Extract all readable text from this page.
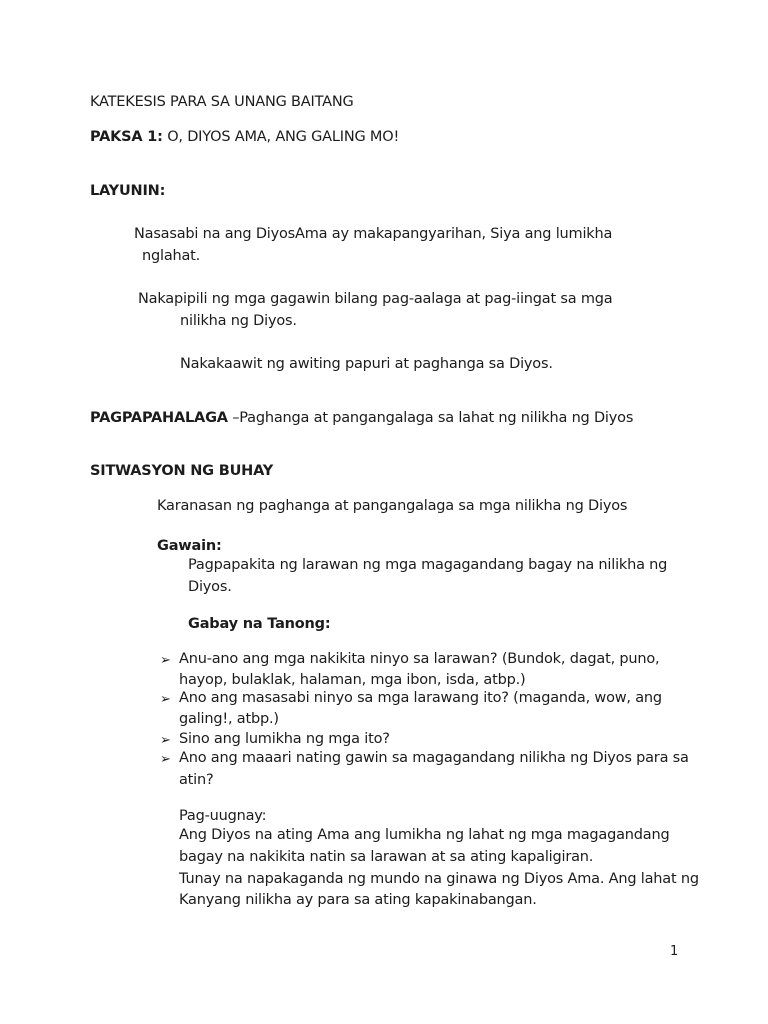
KATEKESIS PARA SA UNANG BAITANG
PAKSA 1: O, DIYOS AMA, ANG GALING MO!
LAYUNIN:
Nasasabi na ang DiyosAma ay makapangyarihan, Siya ang lumikha
nglahat.
Nakapipili ng mga gagawin bilang pag-aalaga at pag-iingat sa mga
nilikha ng Diyos.
Nakakaawit ng awiting papuri at paghanga sa Diyos.
PAGPAPAHALAGA –Paghanga at pangangalaga sa lahat ng nilikha ng Diyos
SITWASYON NG BUHAY
Karanasan ng paghanga at pangangalaga sa mga nilikha ng Diyos
Gawain:
Pagpapakita ng larawan ng mga magagandang bagay na nilikha ng
Diyos.
Gabay na Tanong:
➢ Anu-ano ang mga nakikita ninyo sa larawan? (Bundok, dagat, puno,
hayop, bulaklak, halaman, mga ibon, isda, atbp.)
➢ Ano ang masasabi ninyo sa mga larawang ito? (maganda, wow, ang
galing!, atbp.)
➢ Sino ang lumikha ng mga ito?
➢ Ano ang maaari nating gawin sa magagandang nilikha ng Diyos para sa
atin?
Pag-uugnay:
Ang Diyos na ating Ama ang lumikha ng lahat ng mga magagandang
bagay na nakikita natin sa larawan at sa ating kapaligiran.
Tunay na napakaganda ng mundo na ginawa ng Diyos Ama. Ang lahat ng
Kanyang nilikha ay para sa ating kapakinabangan.
1
